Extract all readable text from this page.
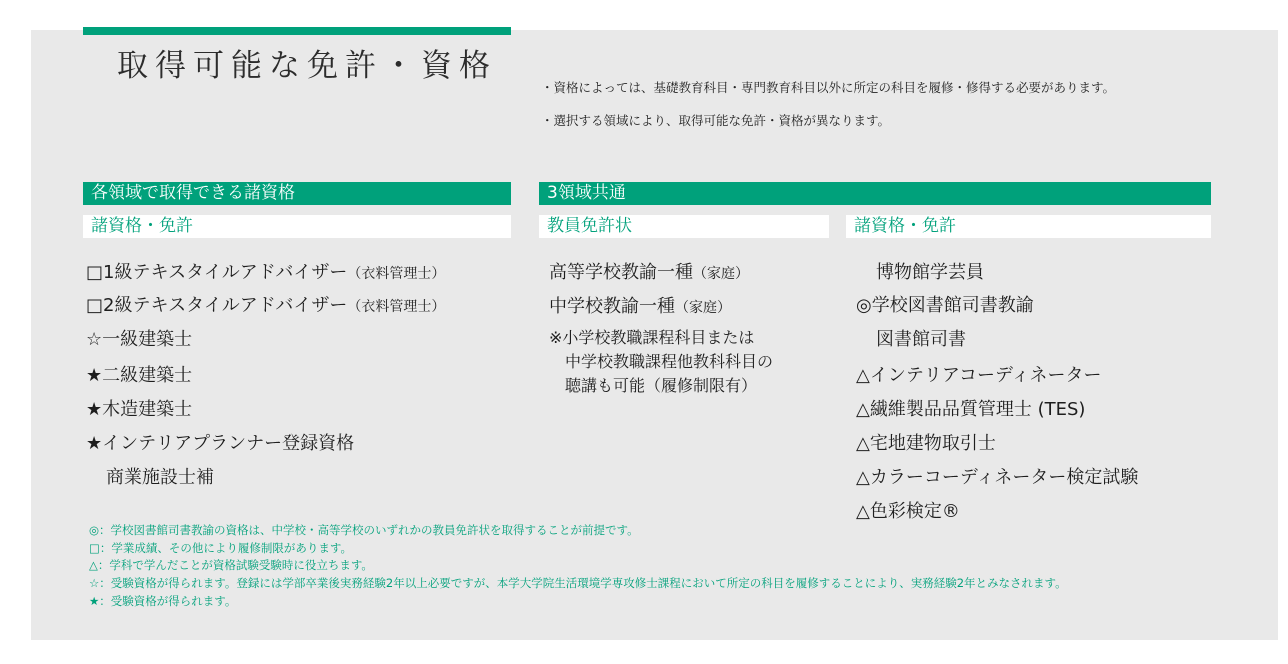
取得可能な免許・資格
・資格によっては、基礎教育科目・専門教育科目以外に所定の科目を履修・修得する必要があります。
・選択する領域により、取得可能な免許・資格が異なります。
各領域で取得できる諸資格
諸資格・免許
□1級テキスタイルアドバイザー（衣料管理士）
□2級テキスタイルアドバイザー（衣料管理士）
☆一級建築士
★二級建築士
★木造建築士
★インテリアプランナー登録資格
商業施設士補
3領域共通
教員免許状	諸資格・免許
高等学校教諭一種（家庭）
中学校教諭一種（家庭）
※小学校教職課程科目または
中学校教職課程他教科科目の
聴講も可能（履修制限有）
博物館学芸員
◎学校図書館司書教諭
図書館司書
△インテリアコーディネーター
△繊維製品品質管理士 (TES)
△宅地建物取引士
△カラーコーディネーター検定試験
△色彩検定®
◎：学校図書館司書教諭の資格は、中学校・高等学校のいずれかの教員免許状を取得することが前提です。
□：学業成績、その他により履修制限があります。
△：学科で学んだことが資格試験受験時に役立ちます。
☆：受験資格が得られます。登録には学部卒業後実務経験2年以上必要ですが、本学大学院生活環境学専攻修士課程において所定の科目を履修することにより、実務経験2年とみなされます。
★：受験資格が得られます。
